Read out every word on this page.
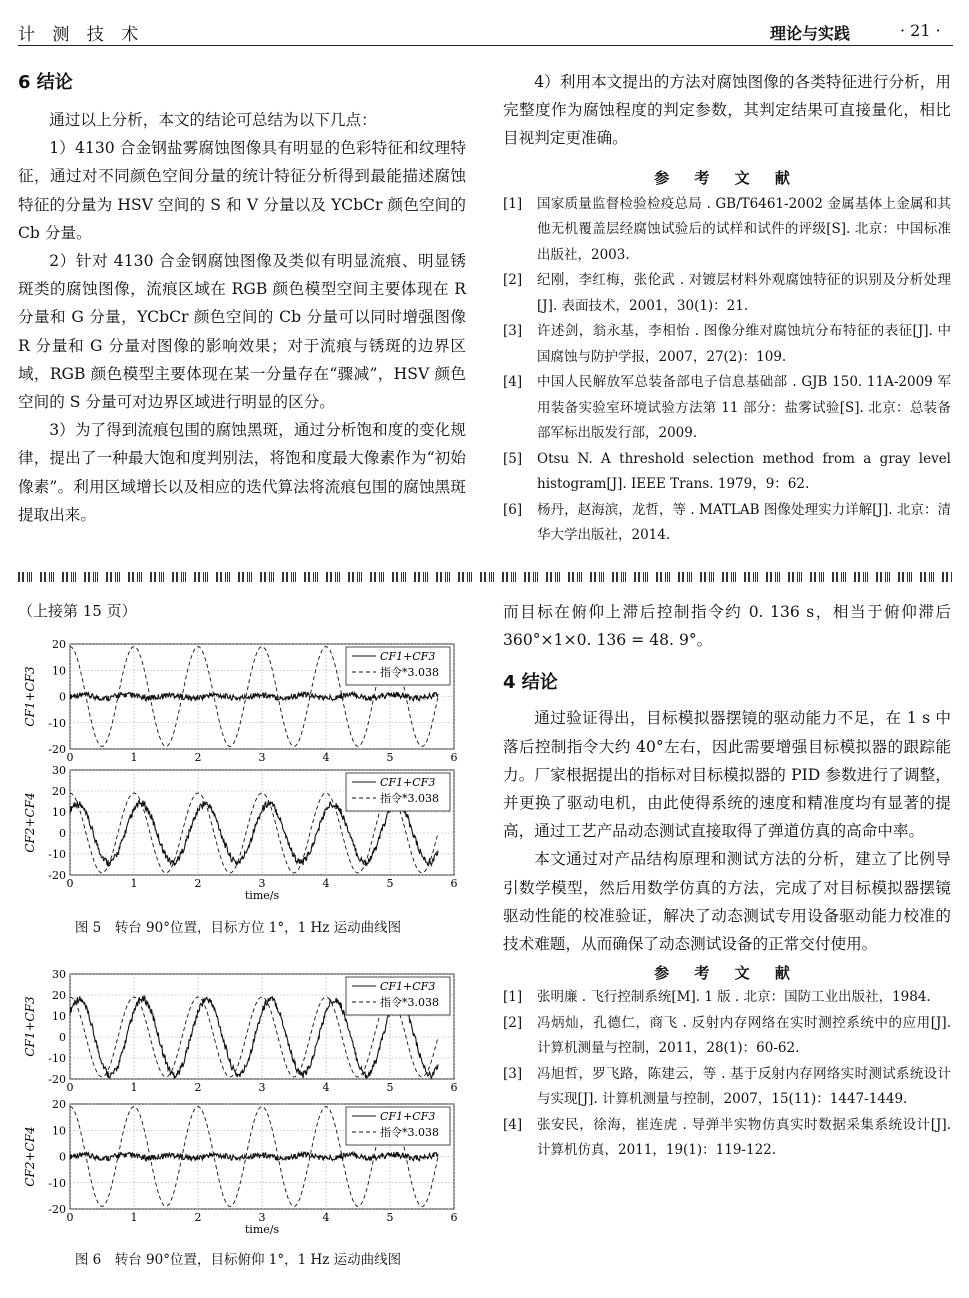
计 测 技 术	理论与实践	· 21 ·
6 结论
通过以上分析，本文的结论可总结为以下几点：
1）4130 合金钢盐雾腐蚀图像具有明显的色彩特征和纹理特征，通过对不同颜色空间分量的统计特征分析得到最能描述腐蚀特征的分量为 HSV 空间的 S 和 V 分量以及 YCbCr 颜色空间的 Cb 分量。
2）针对 4130 合金钢腐蚀图像及类似有明显流痕、明显锈斑类的腐蚀图像，流痕区域在 RGB 颜色模型空间主要体现在 R 分量和 G 分量，YCbCr 颜色空间的 Cb 分量可以同时增强图像 R 分量和 G 分量对图像的影响效果；对于流痕与锈斑的边界区域，RGB 颜色模型主要体现在某一分量存在“骤减”，HSV 颜色空间的 S 分量可对边界区域进行明显的区分。
3）为了得到流痕包围的腐蚀黑斑，通过分析饱和度的变化规律，提出了一种最大饱和度判别法，将饱和度最大像素作为“初始像素”。利用区域增长以及相应的迭代算法将流痕包围的腐蚀黑斑提取出来。
4）利用本文提出的方法对腐蚀图像的各类特征进行分析，用完整度作为腐蚀程度的判定参数，其判定结果可直接量化，相比目视判定更准确。
参 考 文 献
[1] 国家质量监督检验检疫总局 . GB/T6461-2002 金属基体上金属和其他无机覆盖层经腐蚀试验后的试样和试件的评级[S]. 北京：中国标准出版社，2003.
[2] 纪刚，李红梅，张伦武 . 对镀层材料外观腐蚀特征的识别及分析处理[J]. 表面技术，2001，30(1)：21.
[3] 许述剑，翁永基，李相怡 . 图像分维对腐蚀坑分布特征的表征[J]. 中国腐蚀与防护学报，2007，27(2)：109.
[4] 中国人民解放军总装备部电子信息基础部 . GJB 150. 11A-2009 军用装备实验室环境试验方法第 11 部分：盐雾试验[S]. 北京：总装备部军标出版发行部，2009.
[5] Otsu N. A threshold selection method from a gray level histogram[J]. IEEE Trans. 1979，9：62.
[6] 杨丹，赵海滨，龙哲，等 . MATLAB 图像处理实力详解[J]. 北京：清华大学出版社，2014.
（上接第 15 页）
0	1	2	3	4	5	6
20
10
0
-10
-20
CF1+CF3
CF1+CF3
指令*3.038
0	1	2	3	4	5	6
30
20
10
0
-10
-20
CF2+CF4
time/s
CF1+CF3
指令*3.038
图 5　转台 90°位置，目标方位 1°，1 Hz 运动曲线图
0	1	2	3	4	5	6
30
20
10
0
-10
-20
CF1+CF3
CF1+CF3
指令*3.038
0	1	2	3	4	5	6
20
10
0
-10
-20
CF2+CF4
time/s
CF1+CF3
指令*3.038
图 6　转台 90°位置，目标俯仰 1°，1 Hz 运动曲线图
而目标在俯仰上滞后控制指令约 0. 136 s，相当于俯仰滞后 360°×1×0. 136 = 48. 9°。
4 结论
通过验证得出，目标模拟器摆镜的驱动能力不足，在 1 s 中落后控制指令大约 40°左右，因此需要增强目标模拟器的跟踪能力。厂家根据提出的指标对目标模拟器的 PID 参数进行了调整，并更换了驱动电机，由此使得系统的速度和精准度均有显著的提高，通过工艺产品动态测试直接取得了弹道仿真的高命中率。
本文通过对产品结构原理和测试方法的分析，建立了比例导引数学模型，然后用数学仿真的方法，完成了对目标模拟器摆镜驱动性能的校准验证，解决了动态测试专用设备驱动能力校准的技术难题，从而确保了动态测试设备的正常交付使用。
参 考 文 献
[1] 张明廉 . 飞行控制系统[M]. 1 版 . 北京：国防工业出版社，1984.
[2] 冯炳灿，孔德仁，商飞 . 反射内存网络在实时测控系统中的应用[J]. 计算机测量与控制，2011，28(1)：60-62.
[3] 冯旭哲，罗飞路，陈建云，等 . 基于反射内存网络实时测试系统设计与实现[J]. 计算机测量与控制，2007，15(11)：1447-1449.
[4] 张安民，徐海，崔连虎 . 导弹半实物仿真实时数据采集系统设计[J]. 计算机仿真，2011，19(1)：119-122.
